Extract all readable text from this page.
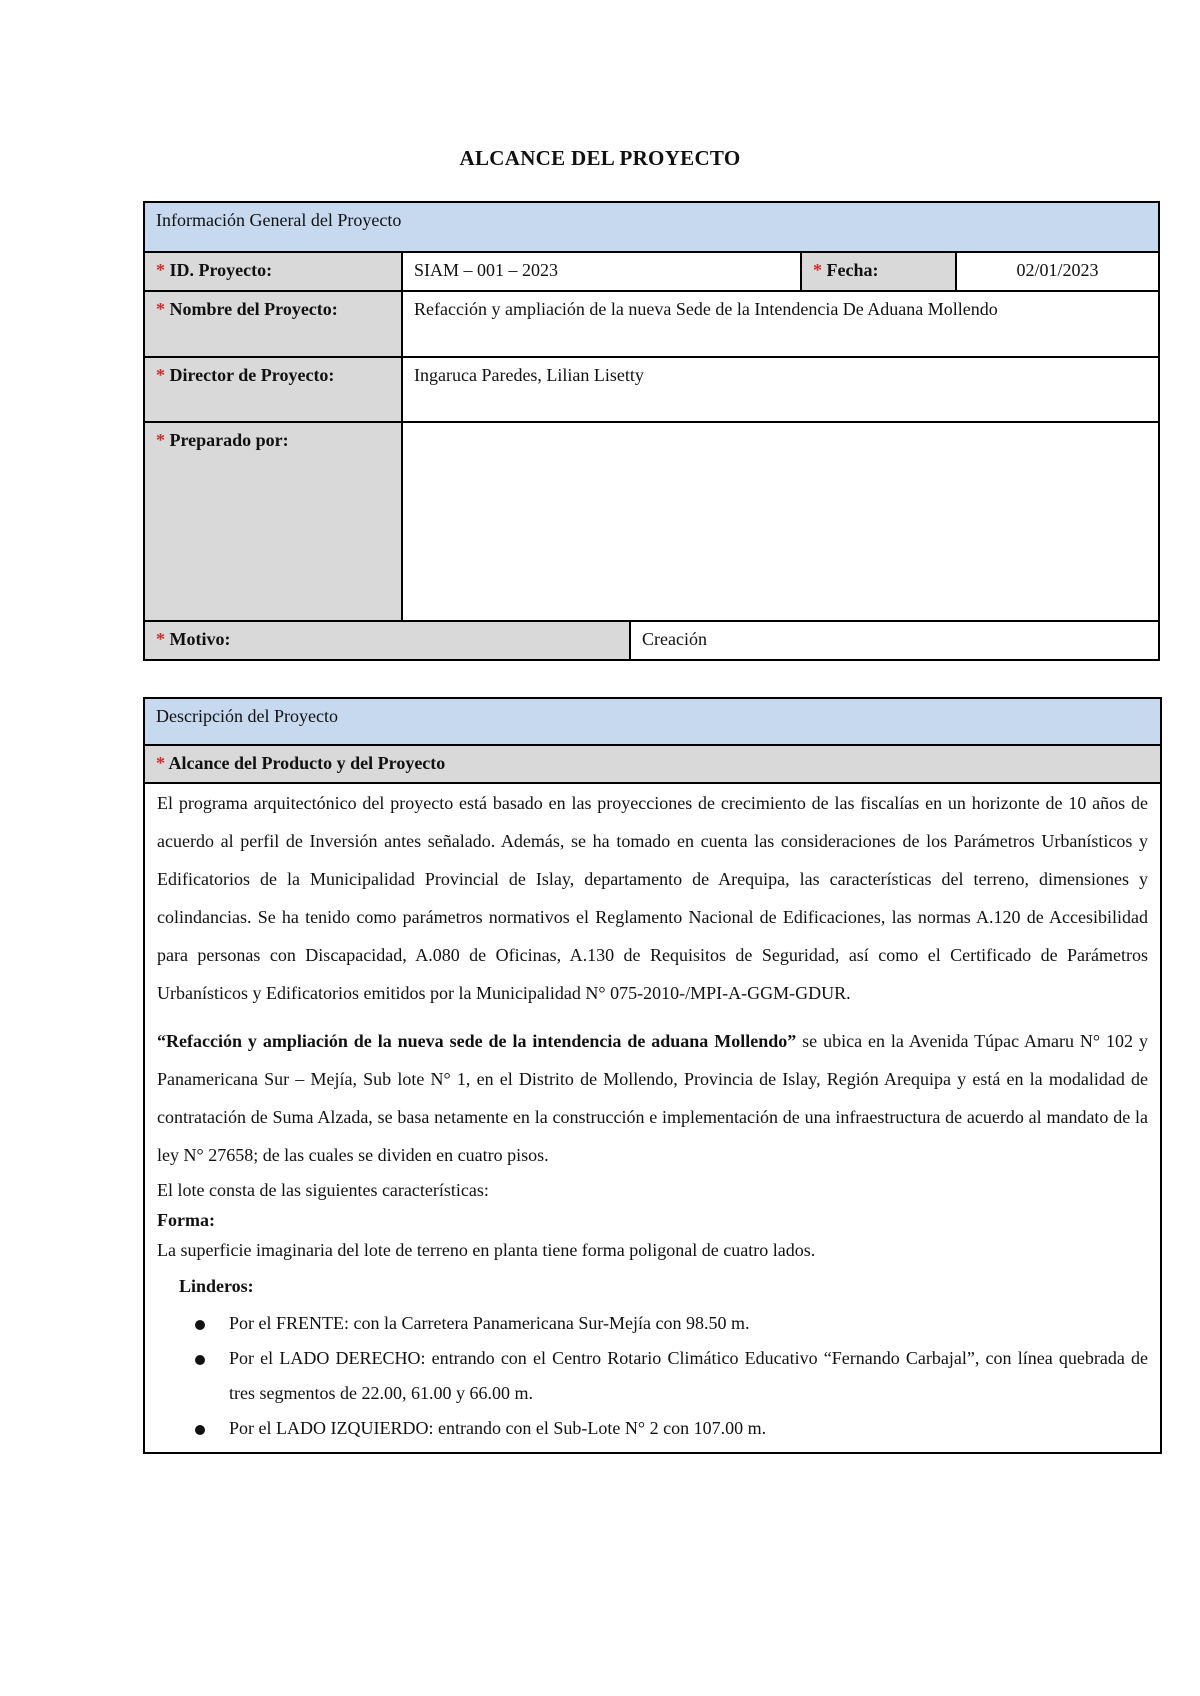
ALCANCE DEL PROYECTO
Información General del Proyecto				
* ID. Proyecto:	SIAM – 001 – 2023		* Fecha:	02/01/2023
* Nombre del Proyecto:	Refacción y ampliación de la nueva Sede de la Intendencia De Aduana Mollendo			
* Director de Proyecto:	Ingaruca Paredes, Lilian Lisetty			
* Preparado por:				
* Motivo:		Creación		
Descripción del Proyecto
* Alcance del Producto y del Proyecto

El programa arquitectónico del proyecto está basado en las proyecciones de crecimiento de las fiscalías en un horizonte de 10 años de acuerdo al perfil de Inversión antes señalado. Además, se ha tomado en cuenta las consideraciones de los Parámetros Urbanísticos y Edificatorios de la Municipalidad Provincial de Islay, departamento de Arequipa, las características del terreno, dimensiones y colindancias. Se ha tenido como parámetros normativos el Reglamento Nacional de Edificaciones, las normas A.120 de Accesibilidad para personas con Discapacidad, A.080 de Oficinas, A.130 de Requisitos de Seguridad, así como el Certificado de Parámetros Urbanísticos y Edificatorios emitidos por la Municipalidad N° 075-2010-/MPI-A-GGM-GDUR.

“Refacción y ampliación de la nueva sede de la intendencia de aduana Mollendo” se ubica en la Avenida Túpac Amaru N° 102 y Panamericana Sur – Mejía, Sub lote N° 1, en el Distrito de Mollendo, Provincia de Islay, Región Arequipa y está en la modalidad de contratación de Suma Alzada, se basa netamente en la construcción e implementación de una infraestructura de acuerdo al mandato de la ley N° 27658; de las cuales se dividen en cuatro pisos.

El lote consta de las siguientes características:

Forma:

La superficie imaginaria del lote de terreno en planta tiene forma poligonal de cuatro lados.

Linderos:

Por el FRENTE: con la Carretera Panamericana Sur-Mejía con 98.50 m.
Por el LADO DERECHO: entrando con el Centro Rotario Climático Educativo “Fernando Carbajal”, con línea quebrada de tres segmentos de 22.00, 61.00 y 66.00 m.
Por el LADO IZQUIERDO: entrando con el Sub-Lote N° 2 con 107.00 m.
